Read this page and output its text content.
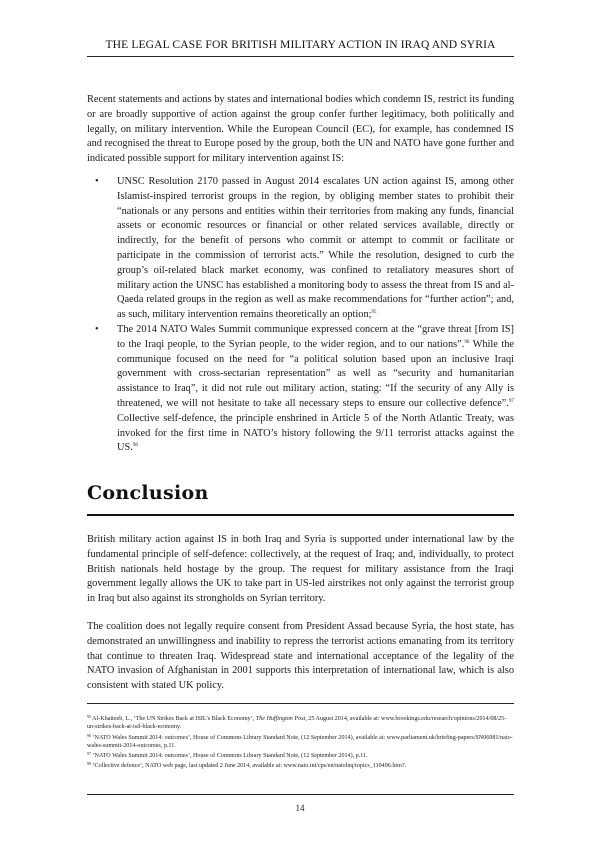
THE LEGAL CASE FOR BRITISH MILITARY ACTION IN IRAQ AND SYRIA

Recent statements and actions by states and international bodies which condemn IS, restrict its funding or are broadly supportive of action against the group confer further legitimacy, both politically and legally, on military intervention. While the European Council (EC), for example, has condemned IS and recognised the threat to Europe posed by the group, both the UN and NATO have gone further and indicated possible support for military intervention against IS:

• UNSC Resolution 2170 passed in August 2014 escalates UN action against IS, among other Islamist-inspired terrorist groups in the region, by obliging member states to prohibit their “nationals or any persons and entities within their territories from making any funds, financial assets or economic resources or financial or other related services available, directly or indirectly, for the benefit of persons who commit or attempt to commit or facilitate or participate in the commission of terrorist acts.” While the resolution, designed to curb the group’s oil-related black market economy, was confined to retaliatory measures short of military action the UNSC has established a monitoring body to assess the threat from IS and al-Qaeda related groups in the region as well as make recommendations for “further action”; and, as such, military intervention remains theoretically an option;$^{95}$
• The 2014 NATO Wales Summit communique expressed concern at the “grave threat [from IS] to the Iraqi people, to the Syrian people, to the wider region, and to our nations”.$^{96}$ While the communique focused on the need for “a political solution based upon an inclusive Iraqi government with cross-sectarian representation” as well as “security and humanitarian assistance to Iraq”, it did not rule out military action, stating: “If the security of any Ally is threatened, we will not hesitate to take all necessary steps to ensure our collective defence”.$^{97}$ Collective self-defence, the principle enshrined in Article 5 of the North Atlantic Treaty, was invoked for the first time in NATO’s history following the 9/11 terrorist attacks against the US.$^{98}$
Conclusion

British military action against IS in both Iraq and Syria is supported under international law by the fundamental principle of self-defence: collectively, at the request of Iraq; and, individually, to protect British nationals held hostage by the group. The request for military assistance from the Iraqi government legally allows the UK to take part in US-led airstrikes not only against the terrorist group in Iraq but also against its strongholds on Syrian territory.

The coalition does not legally require consent from President Assad because Syria, the host state, has demonstrated an unwillingness and inability to repress the terrorist actions emanating from its territory that continue to threaten Iraq. Widespread state and international acceptance of the legality of the NATO invasion of Afghanistan in 2001 supports this interpretation of international law, which is also consistent with stated UK policy.

$^{95}$ Al-Khatteeb, L., ‘The UN Strikes Back at ISIL’s Black Economy’, The Huffington Post, 25 August 2014, available at: www.brookings.edu/research/opinions/2014/08/25-un-strikes-back-at-isil-black-economy.
$^{96}$ ‘NATO Wales Summit 2014: outcomes’, House of Commons Library Standard Note, (12 September 2014), available at: www.parliament.uk/briefing-papers/SN06981/nato-wales-summit-2014-outcomes, p.11.
$^{97}$ ‘NATO Wales Summit 2014: outcomes’, House of Commons Library Standard Note, (12 September 2014), p.11.
$^{98}$ ‘Collective defence’, NATO web page, last updated 2 June 2014, available at: www.nato.int/cps/en/natolnq/topics_110496.htm?.
14
